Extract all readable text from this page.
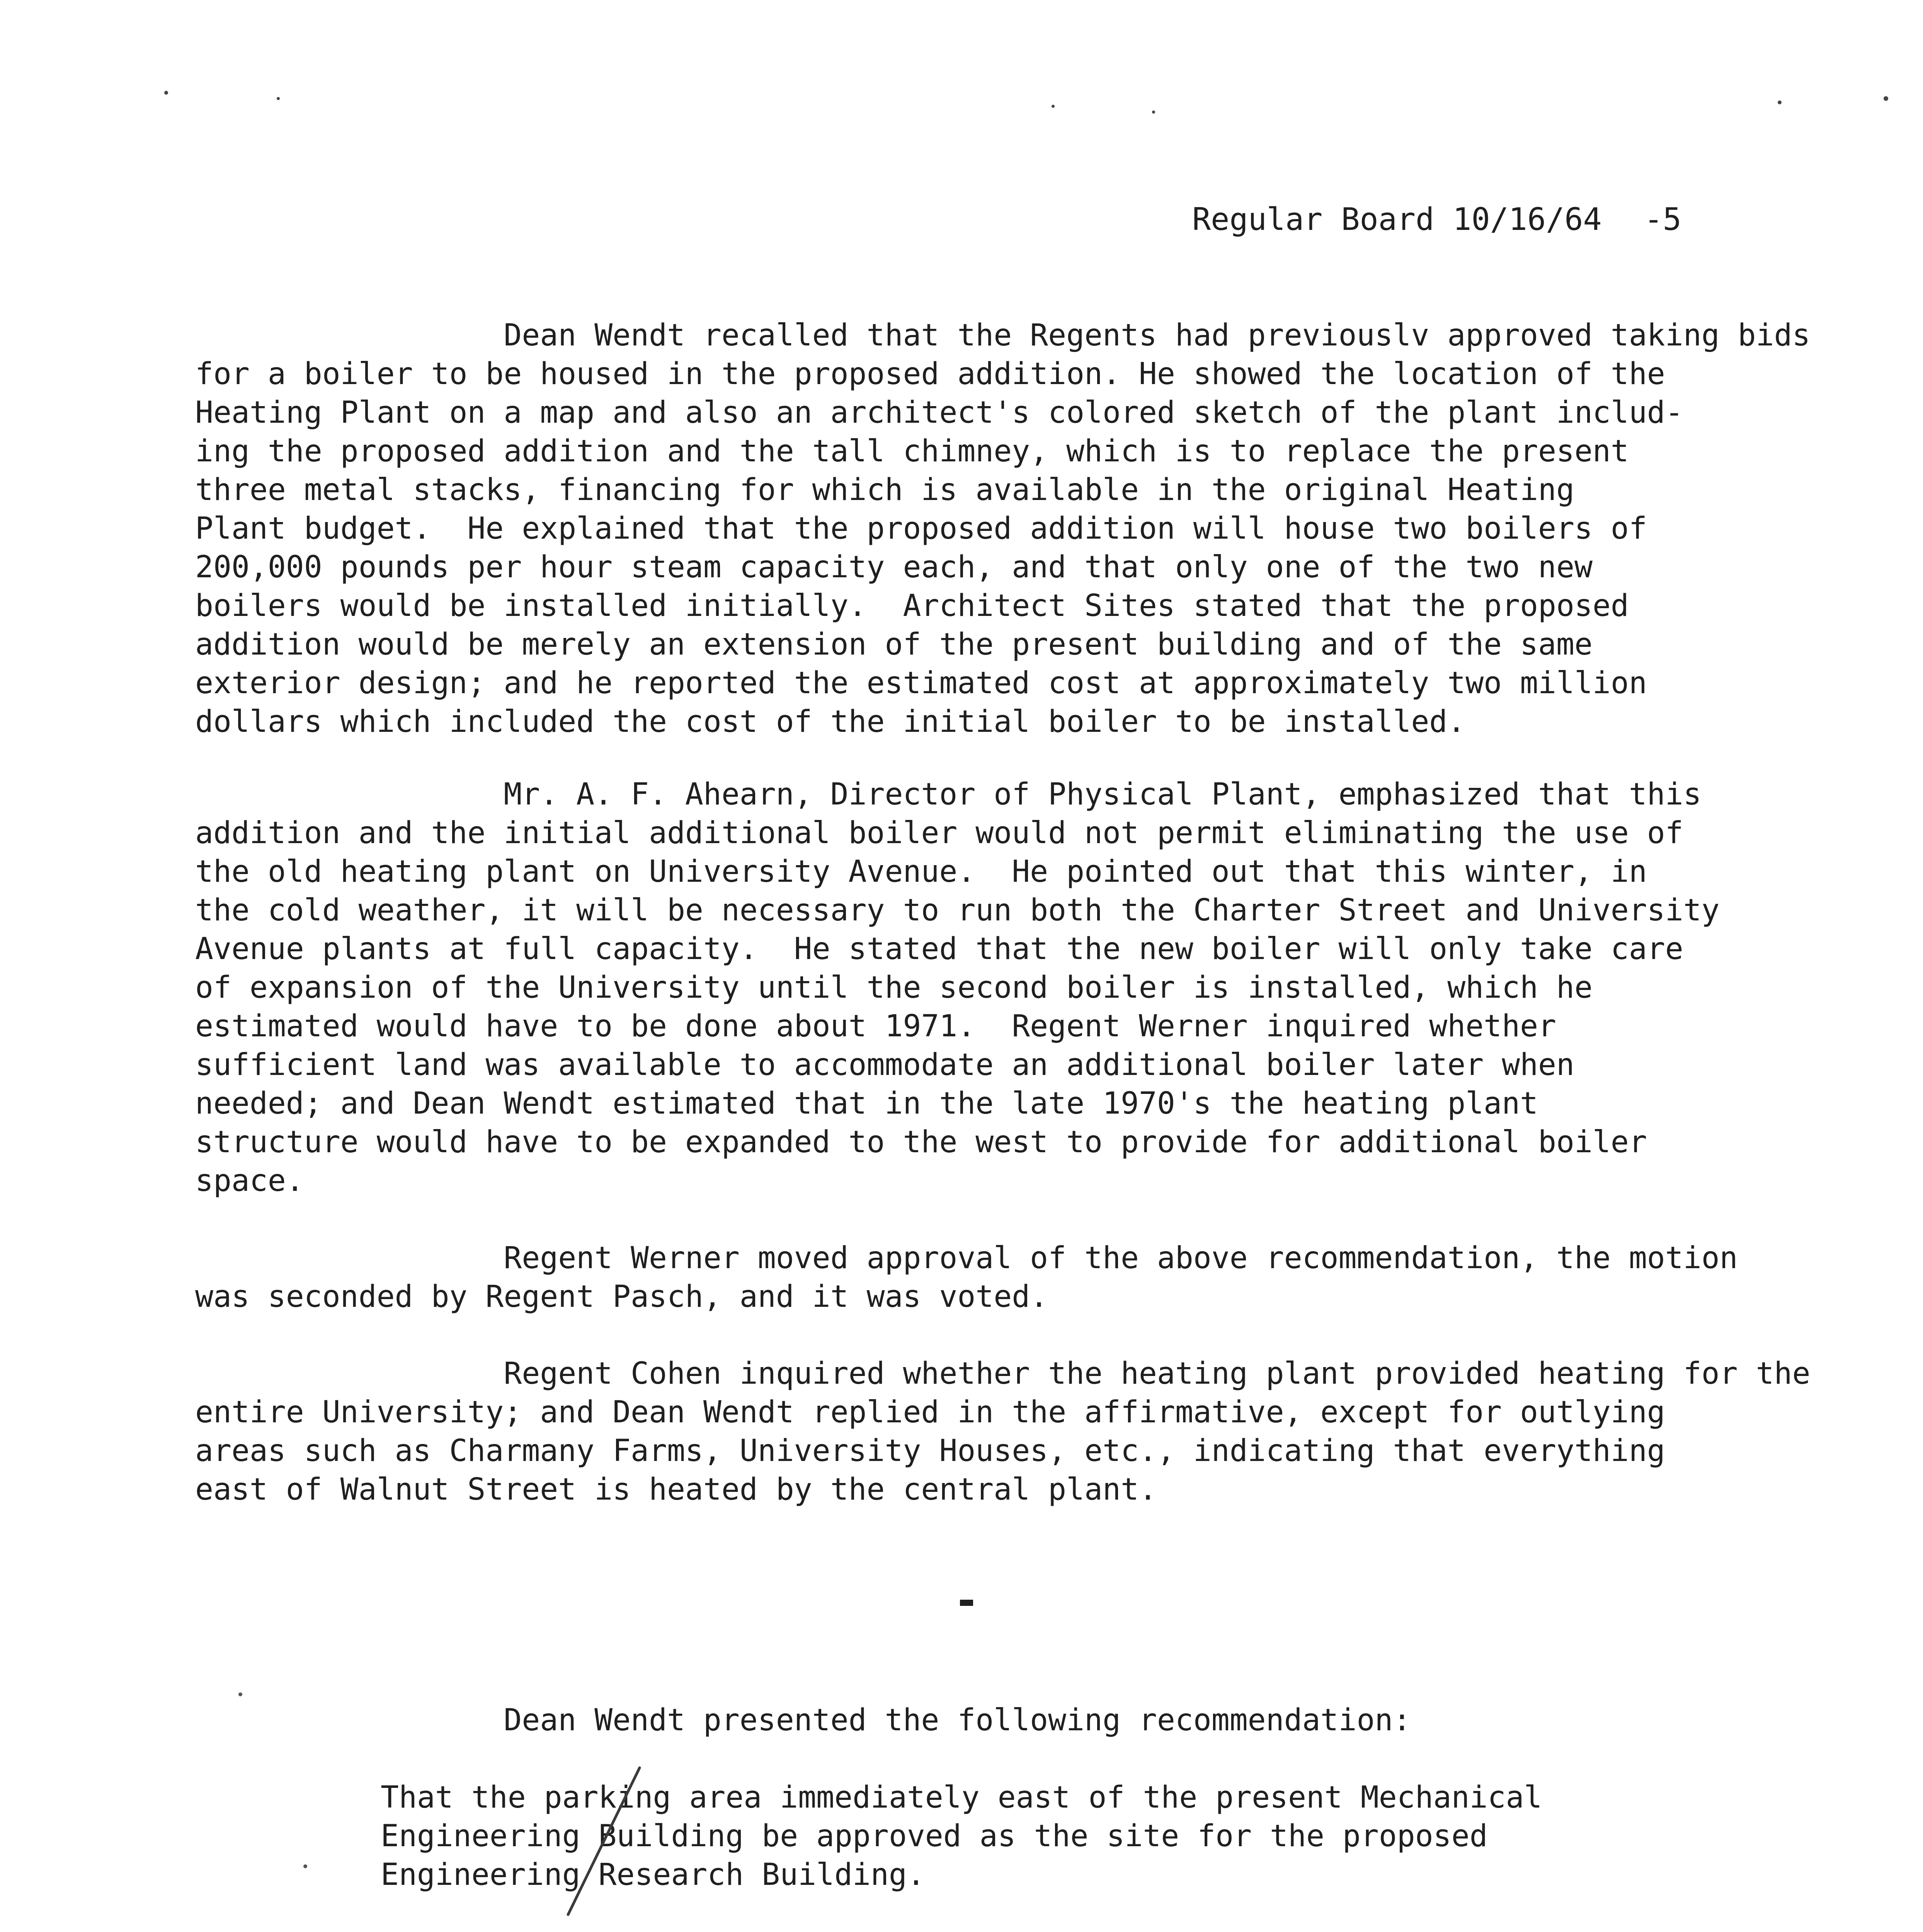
Regular Board 10/16/64 -5

Dean Wendt recalled that the Regents had previouslv approved taking bids
for a boiler to be housed in the proposed addition. He showed the location of the
Heating Plant on a map and also an architect's colored sketch of the plant includ-
ing the proposed addition and the tall chimney, which is to replace the present
three metal stacks, financing for which is available in the original Heating
Plant budget.  He explained that the proposed addition will house two boilers of
200,000 pounds per hour steam capacity each, and that only one of the two new
boilers would be installed initially.  Architect Sites stated that the proposed
addition would be merely an extension of the present building and of the same
exterior design; and he reported the estimated cost at approximately two million
dollars which included the cost of the initial boiler to be installed.

Mr. A. F. Ahearn, Director of Physical Plant, emphasized that this
addition and the initial additional boiler would not permit eliminating the use of
the old heating plant on University Avenue.  He pointed out that this winter, in
the cold weather, it will be necessary to run both the Charter Street and University
Avenue plants at full capacity.  He stated that the new boiler will only take care
of expansion of the University until the second boiler is installed, which he
estimated would have to be done about 1971.  Regent Werner inquired whether
sufficient land was available to accommodate an additional boiler later when
needed; and Dean Wendt estimated that in the late 1970's the heating plant
structure would have to be expanded to the west to provide for additional boiler
space.

Regent Werner moved approval of the above recommendation, the motion
was seconded by Regent Pasch, and it was voted.

Regent Cohen inquired whether the heating plant provided heating for the
entire University; and Dean Wendt replied in the affirmative, except for outlying
areas such as Charmany Farms, University Houses, etc., indicating that everything
east of Walnut Street is heated by the central plant.

Dean Wendt presented the following recommendation:

That the parking area immediately east of the present Mechanical
Engineering Building be approved as the site for the proposed
Engineering Research Building.
